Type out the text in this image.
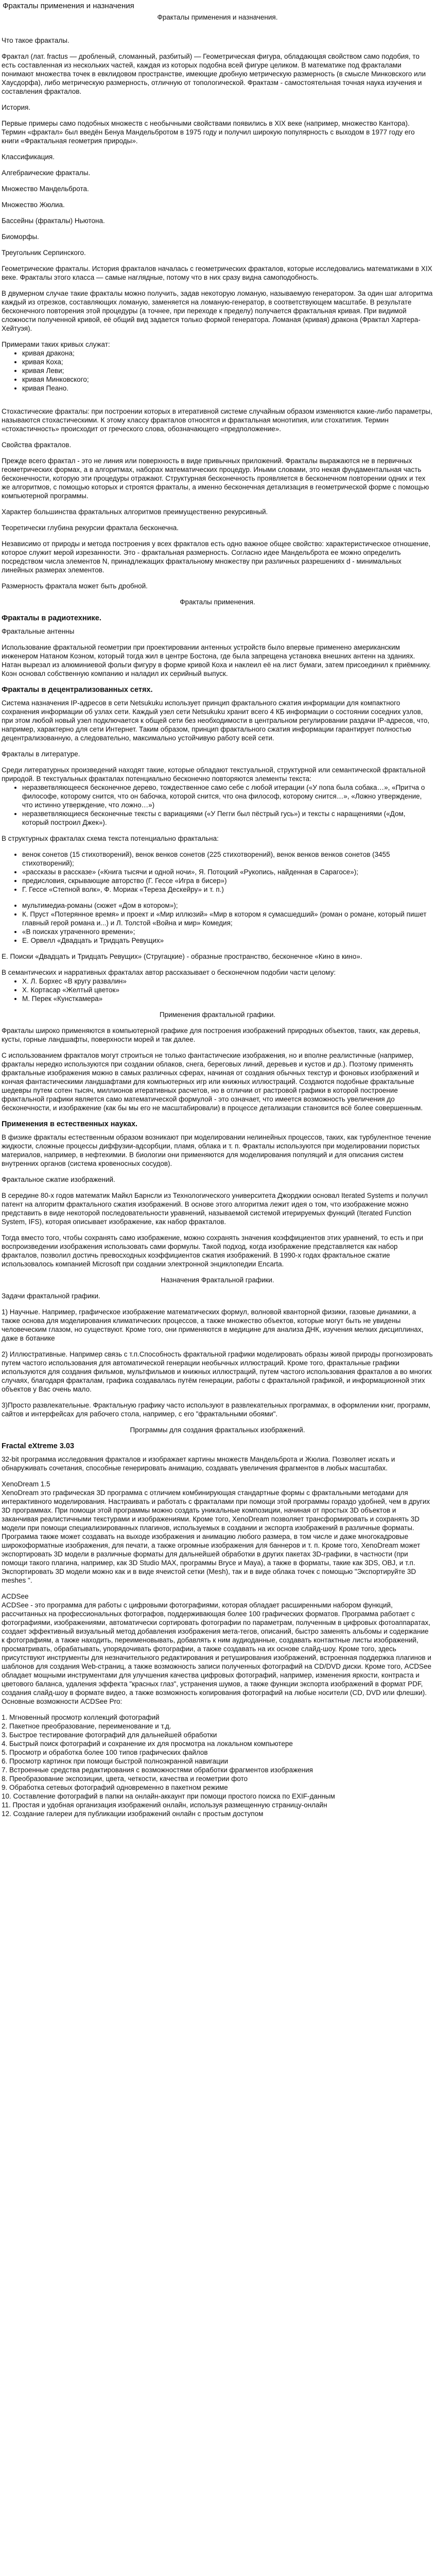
Фракталы применения и назначения

Фракталы применения и назначения.

Что такое фракталы.

Фрактал (лат. fractus — дробленый, сломанный, разбитый) — Геометрическая фигура, обладающая свойством само подобия, то есть составленная из нескольких частей, каждая из которых подобна всей фигуре целиком. В математике под фракталами понимают множества точек в евклидовом пространстве, имеющие дробную метрическую размерность (в смысле Минковского или Хаусдорфа), либо метрическую размерность, отличную от топологической. Фрактазм - самостоятельная точная наука изучения и составления фракталов.

История.

Первые примеры само подобных множеств с необычными свойствами появились в XIX веке (например, множество Кантора). Термин «фрактал» был введён Бенуа Мандельбротом в 1975 году и получил широкую популярность с выходом в 1977 году его книги «Фрактальная геометрия природы».

Классификация.

Алгебраические фракталы.

Множество Мандельброта.

Множество Жюлиа.

Бассейны (фракталы) Ньютона.

Биоморфы.

Треугольник Серпинского.

Геометрические фракталы. История фракталов началась с геометрических фракталов, которые исследовались математиками в XIX веке. Фракталы этого класса — самые наглядные, потому что в них сразу видна самоподобность.

В двумерном случае такие фракталы можно получить, задав некоторую ломаную, называемую генератором. За один шаг алгоритма каждый из отрезков, составляющих ломаную, заменяется на ломаную-генератор, в соответствующем масштабе. В результате бесконечного повторения этой процедуры (а точнее, при переходе к пределу) получается фрактальная кривая. При видимой сложности полученной кривой, её общий вид задается только формой генератора. Ломаная (кривая) дракона (Фрактал Хартера-Хейтуэя).

Примерами таких кривых служат:

• кривая дракона;
• кривая Коха;
• кривая Леви;
• кривая Минковского;
• кривая Пеано.

Стохастические фракталы: при построении которых в итеративной системе случайным образом изменяются какие-либо параметры, называются стохастическими. К этому классу фракталов относятся и фрактальная монотипия, или стохатипия. Термин «стохастичность» происходит от греческого слова, обозначающего «предположение».

Свойства фракталов.

Прежде всего фрактал - это не линия или поверхность в виде привычных приложений. Фракталы выражаются не в первичных геометрических формах, а в алгоритмах, наборах математических процедур. Иными словами, это некая фундаментальная часть бесконечности, которую эти процедуры отражают. Структурная бесконечность проявляется в бесконечном повторении одних и тех же алгоритмов, с помощью которых и строятся фракталы, а именно бесконечная детализация в геометрической форме с помощью компьютерной программы.

Характер большинства фрактальных алгоритмов преимущественно рекурсивный.

Теоретически глубина рекурсии фрактала бесконечна.

Независимо от природы и метода построения у всех фракталов есть одно важное общее свойство: характеристическое отношение, которое служит мерой изрезанности. Это - фрактальная размерность. Согласно идее Мандельброта ее можно определить посредством числа элементов N, принадлежащих фрактальному множеству при различных разрешениях d - минимальных линейных размерах элементов.

Размерность фрактала может быть дробной.

Фракталы применения.

Фракталы в радиотехнике.

Фрактальные антенны

Использование фрактальной геометрии при проектировании антенных устройств было впервые применено американским инженером Натаном Коэном, который тогда жил в центре Бостона, где была запрещена установка внешних антенн на зданиях. Натан вырезал из алюминиевой фольги фигуру в форме кривой Коха и наклеил её на лист бумаги, затем присоединил к приёмнику. Коэн основал собственную компанию и наладил их серийный выпуск.

Фракталы в децентрализованных сетях.

Система назначения IP-адресов в сети Netsukuku использует принцип фрактального сжатия информации для компактного сохранения информации об узлах сети. Каждый узел сети Netsukuku хранит всего 4 КБ информации о состоянии соседних узлов, при этом любой новый узел подключается к общей сети без необходимости в центральном регулировании раздачи IP-адресов, что, например, характерно для сети Интернет. Таким образом, принцип фрактального сжатия информации гарантирует полностью децентрализованную, а следовательно, максимально устойчивую работу всей сети.

Фракталы в литературе.

Среди литературных произведений находят такие, которые обладают текстуальной, структурной или семантической фрактальной природой. В текстуальных фракталах потенциально бесконечно повторяются элементы текста:

• неразветвляющееся бесконечное дерево, тождественное само себе с любой итерации («У попа была собака…», «Притча о философе, которому снится, что он бабочка, которой снится, что она философ, которому снится…», «Ложно утверждение, что истинно утверждение, что ложно…»)
• неразветвляющиеся бесконечные тексты с вариациями («У Пегги был пёстрый гусь») и тексты с наращениями («Дом, который построил Джек»).

В структурных фракталах схема текста потенциально фрактальна:

• венок сонетов (15 стихотворений), венок венков сонетов (225 стихотворений), венок венков венков сонетов (3455 стихотворений);
• «рассказы в рассказе» («Книга тысячи и одной ночи», Я. Потоцкий «Рукопись, найденная в Сарагосе»);
• предисловия, скрывающие авторство (Г. Гессе «Игра в бисер»)
• Г. Гессе «Степной волк», Ф. Мориак «Тереза Дескейру» и т. п.)
• мультимедиа-романы (сюжет «Дом в котором»);
• К. Пруст «Потерянное время» и проект и «Мир иллюзий» «Мир в котором я сумасшедший» (роман о романе, который пишет главный герой романа и...) и Л. Толстой «Война и мир» Комедия;
• «В поисках утраченного времени»;
• Е. Орвелл «Двадцать и Тридцать Ревущих»

Е. Поиски «Двадцать и Тридцать Ревущих» (Стругацкие) - образные пространство, бесконечное «Кино в кино».

В семантических и нарративных фракталах автор рассказывает о бесконечном подобии части целому:

• Х. Л. Борхес «В кругу развалин»
• Х. Кортасар «Желтый цветок»
• М. Перек «Кунсткамера»

Применения фрактальной графики.

Фракталы широко применяются в компьютерной графике для построения изображений природных объектов, таких, как деревья, кусты, горные ландшафты, поверхности морей и так далее.

С использованием фракталов могут строиться не только фантастические изображения, но и вполне реалистичные (например, фракталы нередко используются при создании облаков, снега, береговых линий, деревьев и кустов и др.). Поэтому применять фрактальные изображения можно в самых различных сферах, начиная от создания обычных текстур и фоновых изображений и кончая фантастическими ландшафтами для компьютерных игр или книжных иллюстраций. Создаются подобные фрактальные шедевры путем сотен тысяч, миллионов итеративных расчетов, но в отличии от растровой графики в которой построение фрактальной графики является само математической формулой - это означает, что имеется возможность увеличения до бесконечности, и изображение (как бы мы его не масштабировали) в процессе детализации становится всё более совершенным.

Применения в естественных науках.

В физике фракталы естественным образом возникают при моделировании нелинейных процессов, таких, как турбулентное течение жидкости, сложные процессы диффузии-адсорбции, пламя, облака и т. п. Фракталы используются при моделировании пористых материалов, например, в нефтехимии. В биологии они применяются для моделирования популяций и для описания систем внутренних органов (система кровеносных сосудов).

Фрактальное сжатие изображений.

В середине 80-х годов математик Майкл Барнсли из Технологического университета Джорджии основал Iterated Systems и получил патент на алгоритм фрактального сжатия изображений. В основе этого алгоритма лежит идея о том, что изображение можно представить в виде некоторой последовательности уравнений, называемой системой итерируемых функций (Iterated Function System, IFS), которая описывает изображение, как набор фракталов.

Тогда вместо того, чтобы сохранять само изображение, можно сохранять значения коэффициентов этих уравнений, то есть и при воспроизведении изображения использовать сами формулы. Такой подход, когда изображение представляется как набор фракталов, позволил достичь превосходных коэффициентов сжатия изображений. В 1990-х годах фрактальное сжатие использовалось компанией Microsoft при создании электронной энциклопедии Encarta.

Назначения Фрактальной графики.

Задачи фрактальной графики.

1) Научные. Например, графическое изображение математических формул, волновой кванторной физики, газовые динамики, а также основа для моделирования климатических процессов, а также множество объектов, которые могут быть не увидены человеческим глазом, но существуют. Кроме того, они применяются в медицине для анализа ДНК, изучения мелких дисциплинах, даже в ботанике

2) Иллюстративные. Например связь с т.п.Способность фрактальной графики моделировать образы живой природы прогнозировать путем частого использования для автоматической генерации необычных иллюстраций. Кроме того, фрактальные графики используются для создания фильмов, мультфильмов и книжных иллюстраций, путем частого использования фракталов а во многих случаях, благодаря фракталам, графика создавалась путём генерации, работы с фрактальной графикой, и информационной этих объектов у Вас очень мало.

3)Просто развлекательные. Фрактальную графику часто используют в развлекательных программах, в оформлении книг, программ, сайтов и интерфейсах для рабочего стола, например, с его "фрактальными обоями".

Программы для создания фрактальных изображений.

Fractal eXtreme 3.03

32-bit программа исследования фракталов и изображает картины множеств Мандельброта и Жюлиа. Позволяет искать и обнаруживать сочетания, способные генерировать анимацию, создавать увеличения фрагментов в любых масштабах.

XenoDream 1.5

XenoDream это графическая 3D программа с отличием комбинирующая стандартные формы с фрактальными методами для интерактивного моделирования. Настраивать и работать с фракталами при помощи этой программы гораздо удобней, чем в других 3D программах. При помощи этой программы можно создать уникальные композиции, начиная от простых 3D объектов и заканчивая реалистичными текстурами и изображениями. Кроме того, XenoDream позволяет трансформировать и сохранять 3D модели при помощи специализированных плагинов, используемых в создании и экспорта изображений в различные форматы. Программа также может создавать на выходе изображения и анимацию любого размера, в том числе и даже многокадровые широкоформатные изображения, для печати, а также огромные изображения для баннеров и т. п. Кроме того, XenoDream может экспортировать 3D модели в различные форматы для дальнейшей обработки в других пакетах 3D-графики, в частности (при помощи такого плагина, например, как 3D Studio MAX, программы Bryce и Maya), а также в форматы, такие как 3DS, OBJ, и т.п. Экспортировать 3D модели можно как и в виде ячеистой сетки (Mesh), так и в виде облака точек с помощью "Экспортируйте 3D meshes ".

ACDSee

ACDSee - это программа для работы с цифровыми фотографиями, которая обладает расширенными набором функций, рассчитанных на профессиональных фотографов, поддерживающая более 100 графических форматов. Программа работает с фотографиями, изображениями, автоматически сортировать фотографии по параметрам, полученным в цифровых фотоаппаратах, создает эффективный визуальный метод добавления изображения мета-тегов, описаний, быстро заменять альбомы и содержание к фотографиям, а также находить, переименовывать, добавлять к ним аудиоданные, создавать контактные листы изображений, просматривать, обрабатывать, упорядочивать фотографии, а также создавать на их основе слайд-шоу. Кроме того, здесь присутствуют инструменты для незначительного редактирования и ретуширования изображений, встроенная поддержка плагинов и шаблонов для создания Web-страниц, а также возможность записи полученных фотографий на CD/DVD диски. Кроме того, ACDSee обладает мощными инструментами для улучшения качества цифровых фотографий, например, изменения яркости, контраста и цветового баланса, удаления эффекта "красных глаз", устранения шумов, а также функции экспорта изображений в формат PDF, создания слайд-шоу в формате видео, а также возможность копирования фотографий на любые носители (CD, DVD или флешки). Основные возможности ACDSee Pro:

1. Мгновенный просмотр коллекций фотографий

2. Пакетное преобразование, переименование и т.д.

3. Быстрое тестирование фотографий для дальнейшей обработки

4. Быстрый поиск фотографий и сохранение их для просмотра на локальном компьютере

5. Просмотр и обработка более 100 типов графических файлов

6. Просмотр картинок при помощи быстрой полноэкранной навигации

7. Встроенные средства редактирования с возможностями обработки фрагментов изображения

8. Преобразование экспозиции, цвета, четкости, качества и геометрии фото

9. Обработка сетевых фотографий одновременно в пакетном режиме

10. Составление фотографий в папки на онлайн-аккаунт при помощи простого поиска по EXIF-данным

11. Простая и удобная организация изображений онлайн, используя размещенную страницу-онлайн

12. Создание галереи для публикации изображений онлайн с простым доступом
